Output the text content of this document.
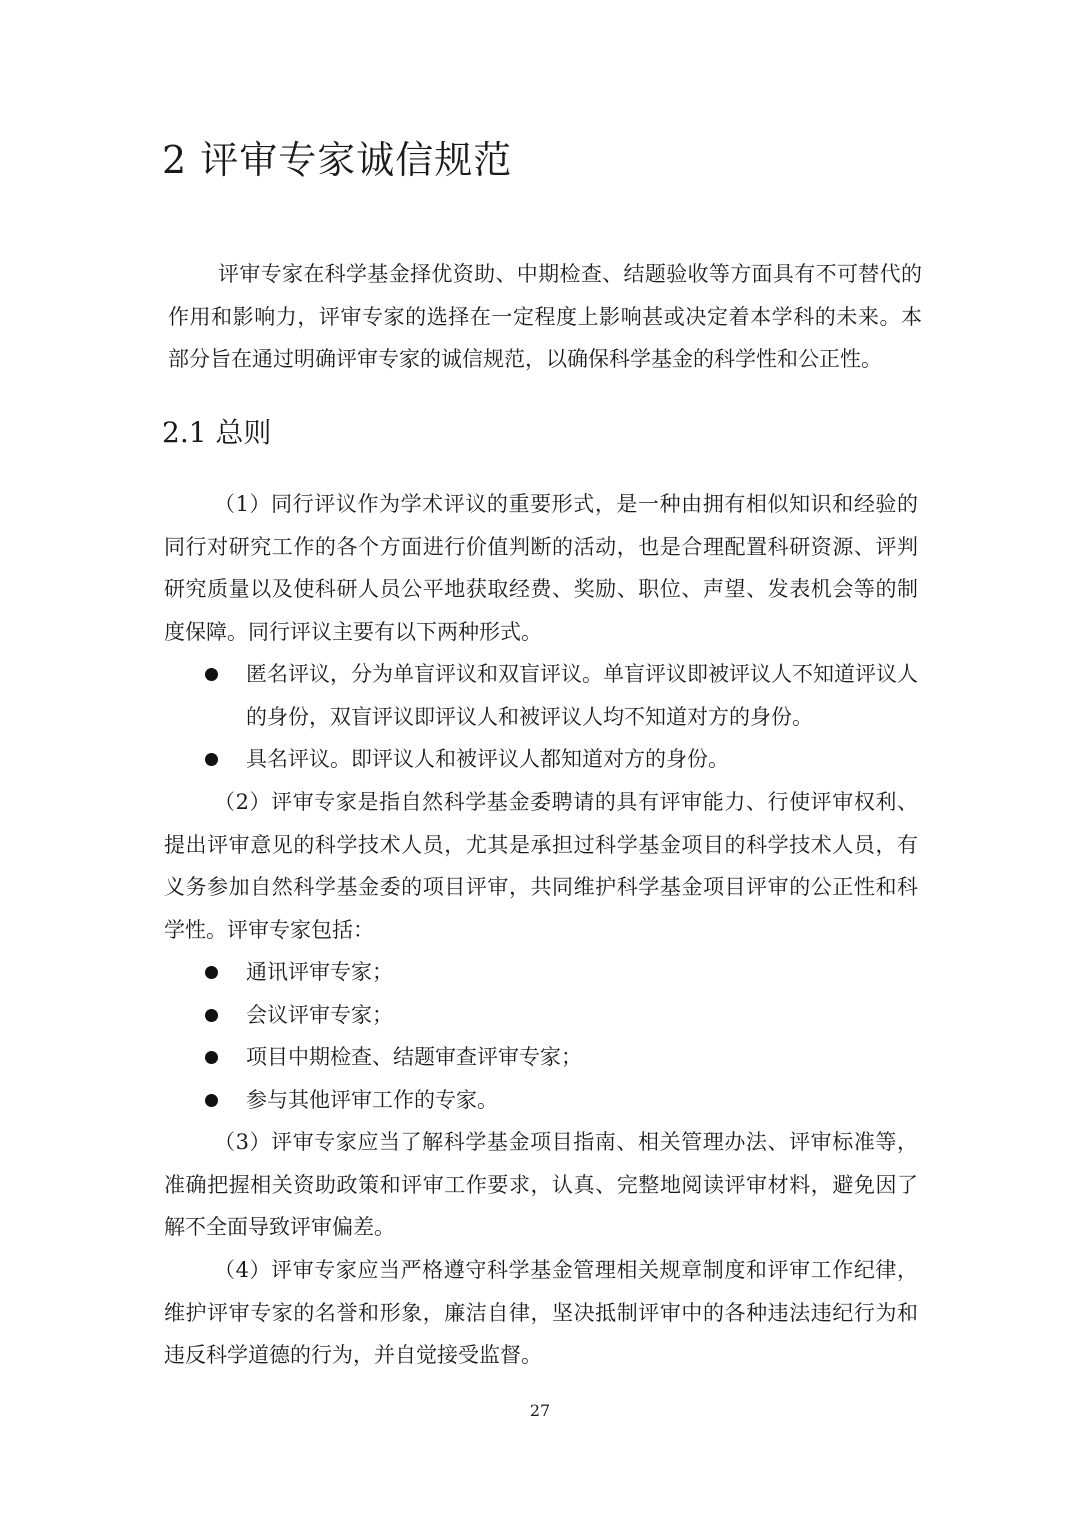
2 评审专家诚信规范

评审专家在科学基金择优资助、中期检查、结题验收等方面具有不可替代的作用和影响力，评审专家的选择在一定程度上影响甚或决定着本学科的未来。本部分旨在通过明确评审专家的诚信规范，以确保科学基金的科学性和公正性。

2.1 总则

（1）同行评议作为学术评议的重要形式，是一种由拥有相似知识和经验的同行对研究工作的各个方面进行价值判断的活动，也是合理配置科研资源、评判研究质量以及使科研人员公平地获取经费、奖励、职位、声望、发表机会等的制度保障。同行评议主要有以下两种形式。

匿名评议，分为单盲评议和双盲评议。单盲评议即被评议人不知道评议人的身份，双盲评议即评议人和被评议人均不知道对方的身份。
具名评议。即评议人和被评议人都知道对方的身份。

（2）评审专家是指自然科学基金委聘请的具有评审能力、行使评审权利、提出评审意见的科学技术人员，尤其是承担过科学基金项目的科学技术人员，有义务参加自然科学基金委的项目评审，共同维护科学基金项目评审的公正性和科学性。评审专家包括：

通讯评审专家；
会议评审专家；
项目中期检查、结题审查评审专家；
参与其他评审工作的专家。

（3）评审专家应当了解科学基金项目指南、相关管理办法、评审标准等，准确把握相关资助政策和评审工作要求，认真、完整地阅读评审材料，避免因了解不全面导致评审偏差。

（4）评审专家应当严格遵守科学基金管理相关规章制度和评审工作纪律，维护评审专家的名誉和形象，廉洁自律，坚决抵制评审中的各种违法违纪行为和违反科学道德的行为，并自觉接受监督。

27
